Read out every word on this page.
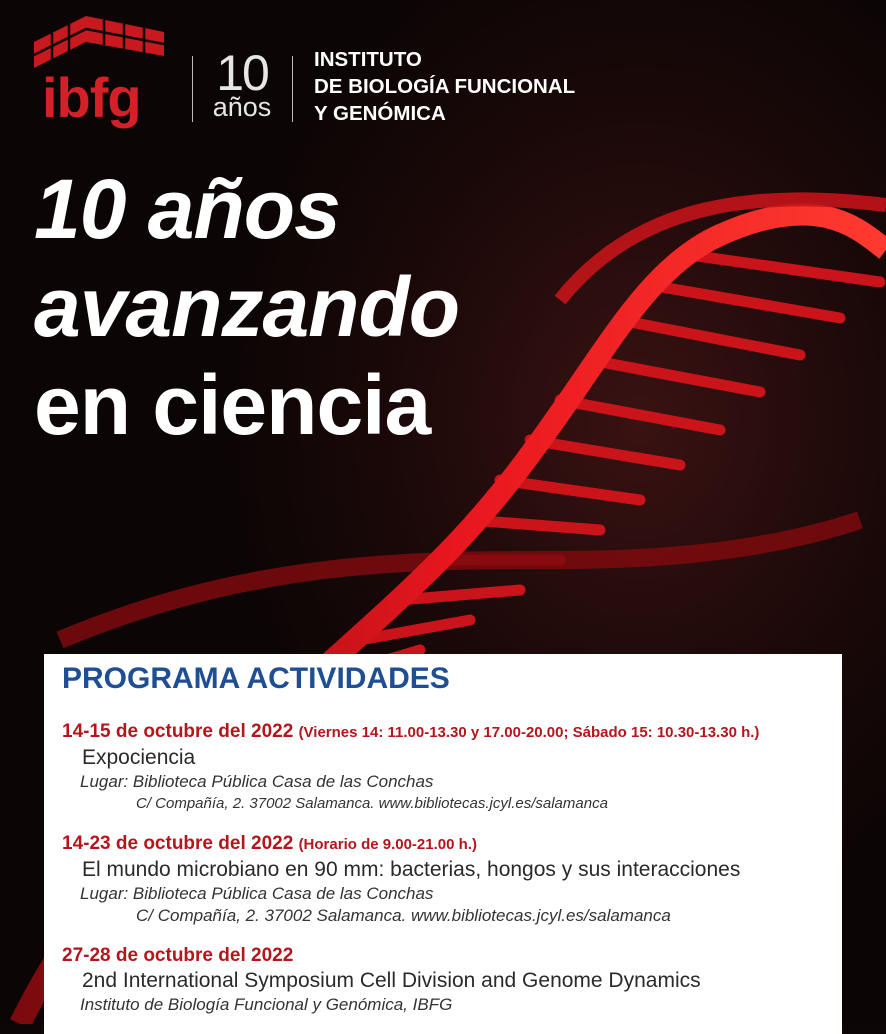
ibfg 10
años
INSTITUTO
DE BIOLOGÍA FUNCIONAL
Y GENÓMICA
10 años
avanzando
en ciencia
PROGRAMA ACTIVIDADES
14-15 de octubre del 2022 (Viernes 14: 11.00-13.30 y 17.00-20.00; Sábado 15: 10.30-13.30 h.)
Expociencia
Lugar: Biblioteca Pública Casa de las Conchas
C/ Compañía, 2. 37002 Salamanca. www.bibliotecas.jcyl.es/salamanca
14-23 de octubre del 2022 (Horario de 9.00-21.00 h.)
El mundo microbiano en 90 mm: bacterias, hongos y sus interacciones
Lugar: Biblioteca Pública Casa de las Conchas
C/ Compañía, 2. 37002 Salamanca. www.bibliotecas.jcyl.es/salamanca
27-28 de octubre del 2022
2nd International Symposium Cell Division and Genome Dynamics
Instituto de Biología Funcional y Genómica, IBFG
